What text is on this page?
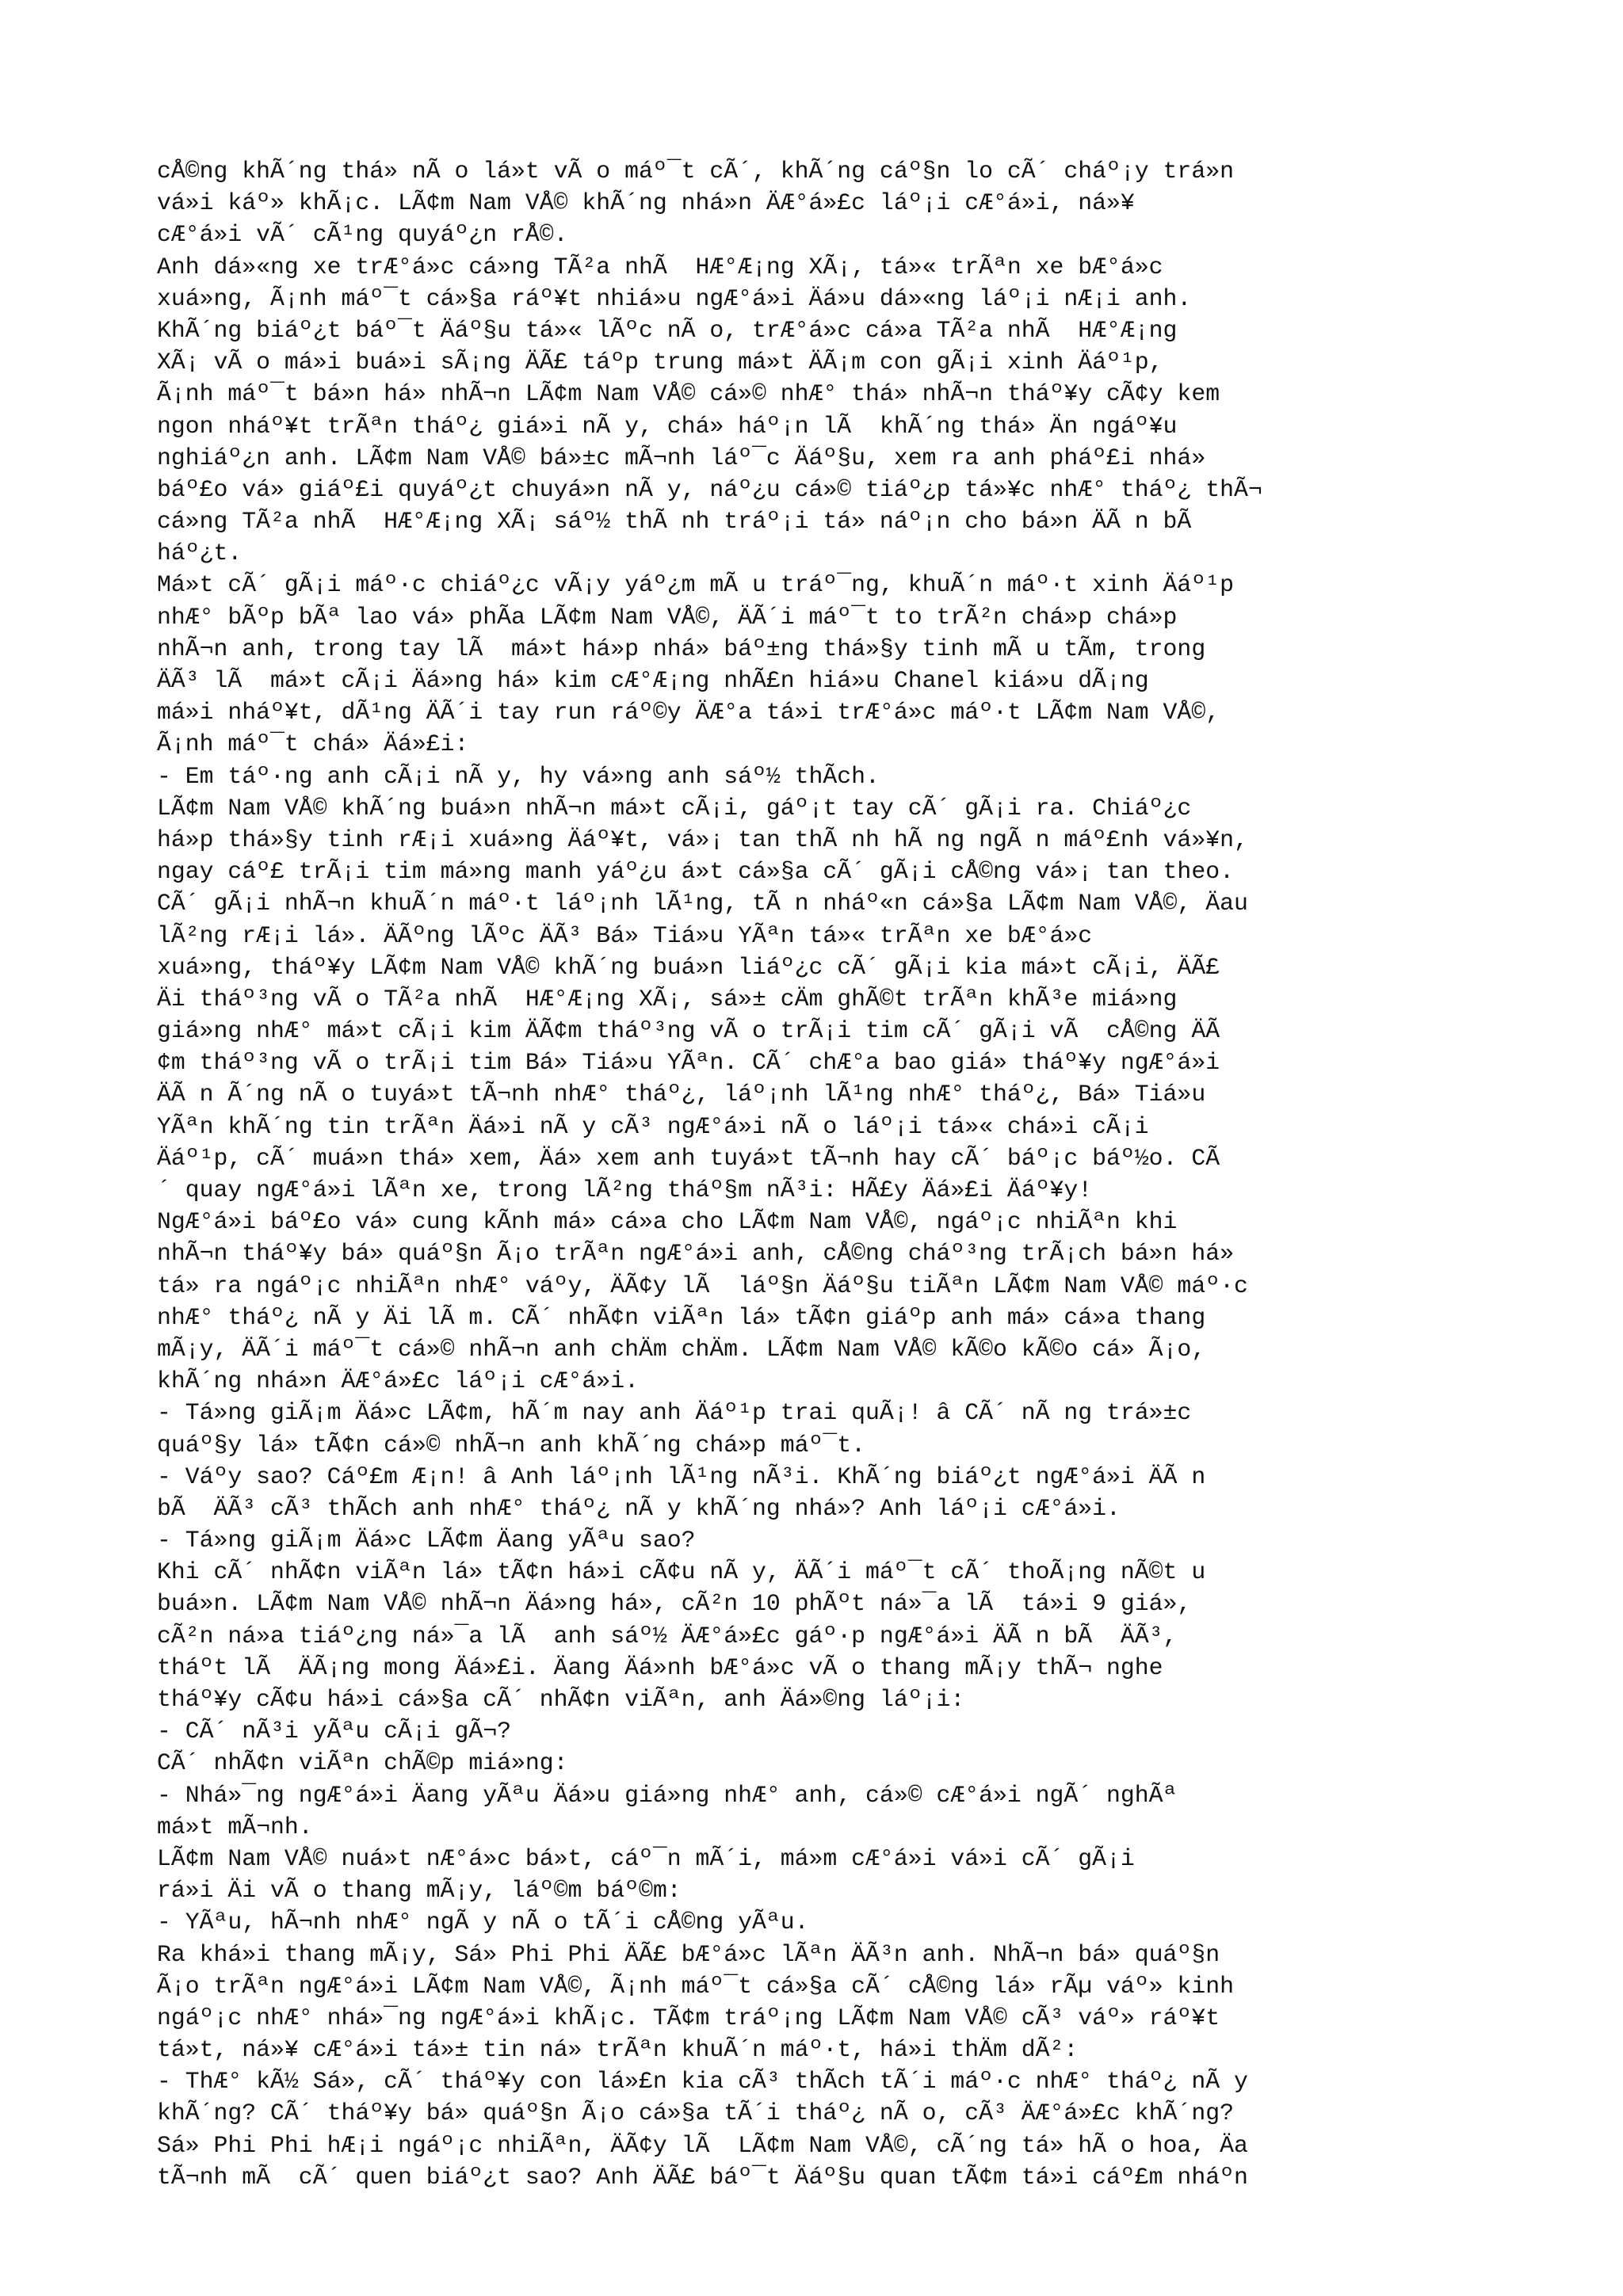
cÅ©ng khÃ´ng thá» nÃ o lá»t vÃ o máº¯t cÃ´, khÃ´ng cáº§n lo cÃ´ cháº¡y trá»n
vá»i káº» khÃ¡c. LÃ¢m Nam VÅ© khÃ´ng nhá»n ÄÆ°á»£c láº¡i cÆ°á»i, ná»¥
cÆ°á»i vÃ´ cÃ¹ng quyáº¿n rÅ©.
Anh dá»«ng xe trÆ°á»c cá»ng TÃ²a nhÃ  HÆ°Æ¡ng XÃ¡, tá»« trÃªn xe bÆ°á»c
xuá»ng, Ã¡nh máº¯t cá»§a ráº¥t nhiá»u ngÆ°á»i Äá»u dá»«ng láº¡i nÆ¡i anh.
KhÃ´ng biáº¿t báº¯t Äáº§u tá»« lÃºc nÃ o, trÆ°á»c cá»a TÃ²a nhÃ  HÆ°Æ¡ng
XÃ¡ vÃ o má»i buá»i sÃ¡ng ÄÃ£ táºp trung má»t ÄÃ¡m con gÃ¡i xinh Äáº¹p,
Ã¡nh máº¯t bá»n há» nhÃ¬n LÃ¢m Nam VÅ© cá»© nhÆ° thá» nhÃ¬n tháº¥y cÃ¢y kem
ngon nháº¥t trÃªn tháº¿ giá»i nÃ y, chá» háº¡n lÃ  khÃ´ng thá» Än ngáº¥u
nghiáº¿n anh. LÃ¢m Nam VÅ© bá»±c mÃ¬nh láº¯c Äáº§u, xem ra anh pháº£i nhá»
báº£o vá» giáº£i quyáº¿t chuyá»n nÃ y, náº¿u cá»© tiáº¿p tá»¥c nhÆ° tháº¿ thÃ¬
cá»ng TÃ²a nhÃ  HÆ°Æ¡ng XÃ¡ sáº½ thÃ nh tráº¡i tá» náº¡n cho bá»n ÄÃ n bÃ
háº¿t.
Má»t cÃ´ gÃ¡i máº·c chiáº¿c vÃ¡y yáº¿m mÃ u tráº¯ng, khuÃ´n máº·t xinh Äáº¹p
nhÆ° bÃºp bÃª lao vá» phÃa LÃ¢m Nam VÅ©, ÄÃ´i máº¯t to trÃ²n chá»p chá»p
nhÃ¬n anh, trong tay lÃ  má»t há»p nhá» báº±ng thá»§y tinh mÃ u tÃm, trong
ÄÃ³ lÃ  má»t cÃ¡i Äá»ng há» kim cÆ°Æ¡ng nhÃ£n hiá»u Chanel kiá»u dÃ¡ng
má»i nháº¥t, dÃ¹ng ÄÃ´i tay run ráº©y ÄÆ°a tá»i trÆ°á»c máº·t LÃ¢m Nam VÅ©,
Ã¡nh máº¯t chá» Äá»£i:
- Em táº·ng anh cÃ¡i nÃ y, hy vá»ng anh sáº½ thÃch.
LÃ¢m Nam VÅ© khÃ´ng buá»n nhÃ¬n má»t cÃ¡i, gáº¡t tay cÃ´ gÃ¡i ra. Chiáº¿c
há»p thá»§y tinh rÆ¡i xuá»ng Äáº¥t, vá»¡ tan thÃ nh hÃ ng ngÃ n máº£nh vá»¥n,
ngay cáº£ trÃ¡i tim má»ng manh yáº¿u á»t cá»§a cÃ´ gÃ¡i cÅ©ng vá»¡ tan theo.
CÃ´ gÃ¡i nhÃ¬n khuÃ´n máº·t láº¡nh lÃ¹ng, tÃ n nháº«n cá»§a LÃ¢m Nam VÅ©, Äau
lÃ²ng rÆ¡i lá». ÄÃºng lÃºc ÄÃ³ Bá» Tiá»u YÃªn tá»« trÃªn xe bÆ°á»c
xuá»ng, tháº¥y LÃ¢m Nam VÅ© khÃ´ng buá»n liáº¿c cÃ´ gÃ¡i kia má»t cÃ¡i, ÄÃ£
Äi tháº³ng vÃ o TÃ²a nhÃ  HÆ°Æ¡ng XÃ¡, sá»± cÄm ghÃ©t trÃªn khÃ³e miá»ng
giá»ng nhÆ° má»t cÃ¡i kim ÄÃ¢m tháº³ng vÃ o trÃ¡i tim cÃ´ gÃ¡i vÃ  cÅ©ng ÄÃ
¢m tháº³ng vÃ o trÃ¡i tim Bá» Tiá»u YÃªn. CÃ´ chÆ°a bao giá» tháº¥y ngÆ°á»i
ÄÃ n Ã´ng nÃ o tuyá»t tÃ¬nh nhÆ° tháº¿, láº¡nh lÃ¹ng nhÆ° tháº¿, Bá» Tiá»u
YÃªn khÃ´ng tin trÃªn Äá»i nÃ y cÃ³ ngÆ°á»i nÃ o láº¡i tá»« chá»i cÃ¡i
Äáº¹p, cÃ´ muá»n thá» xem, Äá» xem anh tuyá»t tÃ¬nh hay cÃ´ báº¡c báº½o. CÃ
´ quay ngÆ°á»i lÃªn xe, trong lÃ²ng tháº§m nÃ³i: HÃ£y Äá»£i Äáº¥y!
NgÆ°á»i báº£o vá» cung kÃnh má» cá»a cho LÃ¢m Nam VÅ©, ngáº¡c nhiÃªn khi
nhÃ¬n tháº¥y bá» quáº§n Ã¡o trÃªn ngÆ°á»i anh, cÅ©ng cháº³ng trÃ¡ch bá»n há»
tá» ra ngáº¡c nhiÃªn nhÆ° váºy, ÄÃ¢y lÃ  láº§n Äáº§u tiÃªn LÃ¢m Nam VÅ© máº·c
nhÆ° tháº¿ nÃ y Äi lÃ m. CÃ´ nhÃ¢n viÃªn lá» tÃ¢n giáºp anh má» cá»a thang
mÃ¡y, ÄÃ´i máº¯t cá»© nhÃ¬n anh chÄm chÄm. LÃ¢m Nam VÅ© kÃ©o kÃ©o cá» Ã¡o,
khÃ´ng nhá»n ÄÆ°á»£c láº¡i cÆ°á»i.
- Tá»ng giÃ¡m Äá»c LÃ¢m, hÃ´m nay anh Äáº¹p trai quÃ¡! â CÃ´ nÃ ng trá»±c
quáº§y lá» tÃ¢n cá»© nhÃ¬n anh khÃ´ng chá»p máº¯t.
- Váºy sao? Cáº£m Æ¡n! â Anh láº¡nh lÃ¹ng nÃ³i. KhÃ´ng biáº¿t ngÆ°á»i ÄÃ n
bÃ  ÄÃ³ cÃ³ thÃch anh nhÆ° tháº¿ nÃ y khÃ´ng nhá»? Anh láº¡i cÆ°á»i.
- Tá»ng giÃ¡m Äá»c LÃ¢m Äang yÃªu sao?
Khi cÃ´ nhÃ¢n viÃªn lá» tÃ¢n há»i cÃ¢u nÃ y, ÄÃ´i máº¯t cÃ´ thoÃ¡ng nÃ©t u
buá»n. LÃ¢m Nam VÅ© nhÃ¬n Äá»ng há», cÃ²n 10 phÃºt ná»¯a lÃ  tá»i 9 giá»,
cÃ²n ná»a tiáº¿ng ná»¯a lÃ  anh sáº½ ÄÆ°á»£c gáº·p ngÆ°á»i ÄÃ n bÃ  ÄÃ³,
tháºt lÃ  ÄÃ¡ng mong Äá»£i. Äang Äá»nh bÆ°á»c vÃ o thang mÃ¡y thÃ¬ nghe
tháº¥y cÃ¢u há»i cá»§a cÃ´ nhÃ¢n viÃªn, anh Äá»©ng láº¡i:
- CÃ´ nÃ³i yÃªu cÃ¡i gÃ¬?
CÃ´ nhÃ¢n viÃªn chÃ©p miá»ng:
- Nhá»¯ng ngÆ°á»i Äang yÃªu Äá»u giá»ng nhÆ° anh, cá»© cÆ°á»i ngÃ´ nghÃª
má»t mÃ¬nh.
LÃ¢m Nam VÅ© nuá»t nÆ°á»c bá»t, cáº¯n mÃ´i, má»m cÆ°á»i vá»i cÃ´ gÃ¡i
rá»i Äi vÃ o thang mÃ¡y, láº©m báº©m:
- YÃªu, hÃ¬nh nhÆ° ngÃ y nÃ o tÃ´i cÅ©ng yÃªu.
Ra khá»i thang mÃ¡y, Sá» Phi Phi ÄÃ£ bÆ°á»c lÃªn ÄÃ³n anh. NhÃ¬n bá» quáº§n
Ã¡o trÃªn ngÆ°á»i LÃ¢m Nam VÅ©, Ã¡nh máº¯t cá»§a cÃ´ cÅ©ng lá» rÃµ váº» kinh
ngáº¡c nhÆ° nhá»¯ng ngÆ°á»i khÃ¡c. TÃ¢m tráº¡ng LÃ¢m Nam VÅ© cÃ³ váº» ráº¥t
tá»t, ná»¥ cÆ°á»i tá»± tin ná» trÃªn khuÃ´n máº·t, há»i thÄm dÃ²:
- ThÆ° kÃ½ Sá», cÃ´ tháº¥y con lá»£n kia cÃ³ thÃch tÃ´i máº·c nhÆ° tháº¿ nÃ y
khÃ´ng? CÃ´ tháº¥y bá» quáº§n Ã¡o cá»§a tÃ´i tháº¿ nÃ o, cÃ³ ÄÆ°á»£c khÃ´ng?
Sá» Phi Phi hÆ¡i ngáº¡c nhiÃªn, ÄÃ¢y lÃ  LÃ¢m Nam VÅ©, cÃ´ng tá» hÃ o hoa, Äa
tÃ¬nh mÃ  cÃ´ quen biáº¿t sao? Anh ÄÃ£ báº¯t Äáº§u quan tÃ¢m tá»i cáº£m nháºn
